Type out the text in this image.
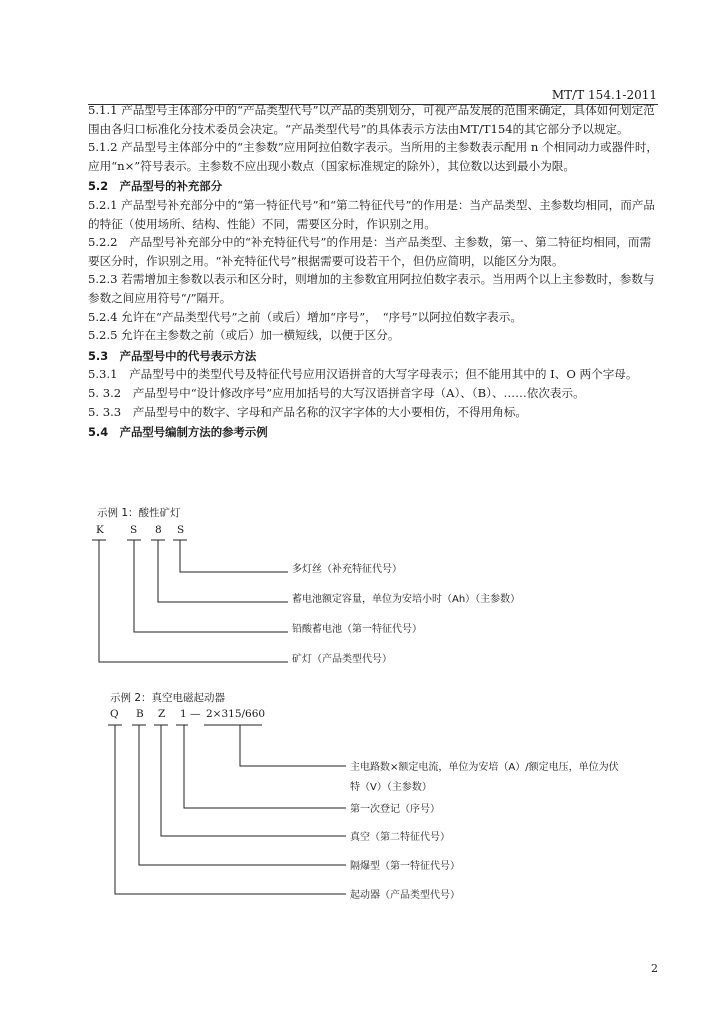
MT/T 154.1-2011

5.1.1 产品型号主体部分中的“产品类型代号”以产品的类别划分，可视产品发展的范围来确定，具体如何划定范围由各归口标准化分技术委员会决定。“产品类型代号”的具体表示方法由MT/T154的其它部分予以规定。

5.1.2 产品型号主体部分中的“主参数”应用阿拉伯数字表示。当所用的主参数表示配用 n 个相同动力或器件时，应用“n×”符号表示。主参数不应出现小数点（国家标准规定的除外），其位数以达到最小为限。

5.2　产品型号的补充部分

5.2.1 产品型号补充部分中的“第一特征代号”和“第二特征代号”的作用是：当产品类型、主参数均相同，而产品的特征（使用场所、结构、性能）不同，需要区分时，作识别之用。

5.2.2　产品型号补充部分中的“补充特征代号”的作用是：当产品类型、主参数，第一、第二特征均相同，而需要区分时，作识别之用。“补充特征代号”根据需要可设若干个，但仍应简明，以能区分为限。

5.2.3 若需增加主参数以表示和区分时，则增加的主参数宜用阿拉伯数字表示。当用两个以上主参数时，参数与参数之间应用符号“/”隔开。

5.2.4 允许在“产品类型代号”之前（或后）增加“序号”，　“序号”以阿拉伯数字表示。

5.2.5 允许在主参数之前（或后）加一横短线，以便于区分。

5.3　产品型号中的代号表示方法

5.3.1　产品型号中的类型代号及特征代号应用汉语拼音的大写字母表示；但不能用其中的 I、O 两个字母。

5. 3.2　产品型号中“设计修改序号”应用加括号的大写汉语拼音字母（A）、（B）、……依次表示。

5. 3.3　产品型号中的数字、字母和产品名称的汉字字体的大小要相仿，不得用角标。

5.4　产品型号编制方法的参考示例

示例 1：酸性矿灯
K S 8 S
多灯丝（补充特征代号）
蓄电池额定容量，单位为安培小时（Ah）（主参数）
铅酸蓄电池（第一特征代号）
矿灯（产品类型代号）
示例 2：真空电磁起动器
Q B Z 1 — 2×315/660
主电路数×额定电流，单位为安培（A）/额定电压，单位为伏
特（V）（主参数）
第一次登记（序号）
真空（第二特征代号）
隔爆型（第一特征代号）
起动器（产品类型代号）
2
